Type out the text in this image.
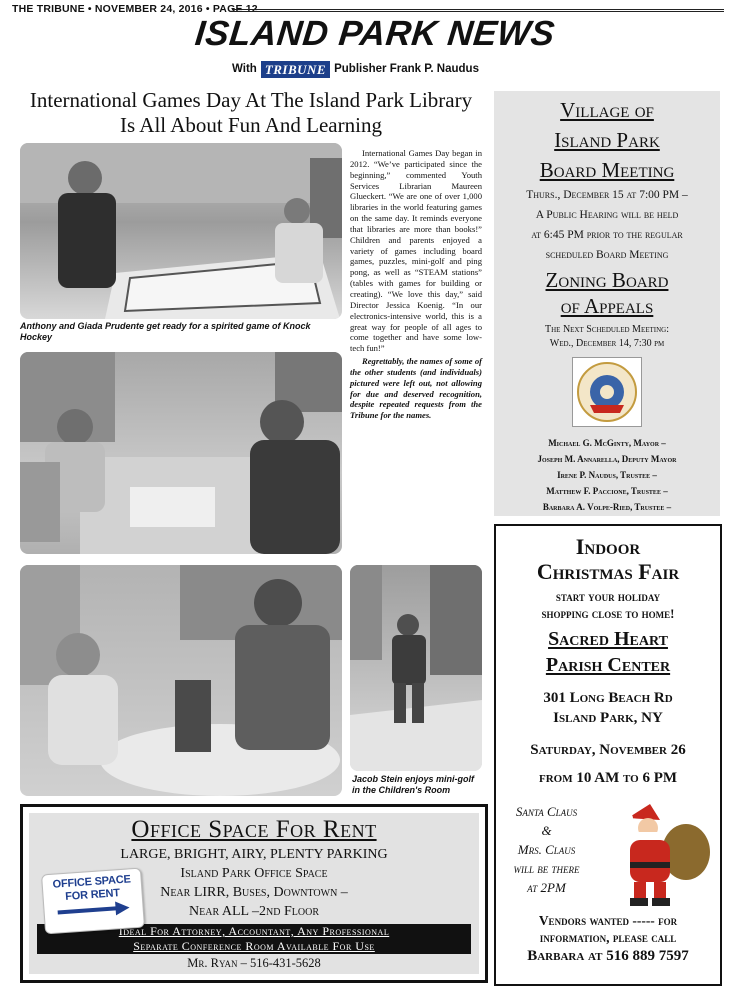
THE TRIBUNE • NOVEMBER 24, 2016 • PAGE 12
ISLAND PARK NEWS
With TRIBUNE Publisher Frank P. Naudus
International Games Day At The Island Park Library Is All About Fun And Learning
Anthony and Giada Prudente get ready for a spirited game of Knock Hockey
Jacob Stein enjoys mini-golf in the Children's Room

International Games Day began in 2012. “We’ve participated since the beginning,” commented Youth Services Librarian Maureen Glueckert. “We are one of over 1,000 libraries in the world featuring games on the same day. It reminds everyone that libraries are more than books!” Children and parents enjoyed a variety of games including board games, puzzles, mini-golf and ping pong, as well as “STEAM stations” (tables with games for building or creating). “We love this day,” said Director Jessica Koenig. “In our electronics-intensive world, this is a great way for people of all ages to come together and have some low-tech fun!”

Regrettably, the names of some of the other students (and individuals) pictured were left out, not allowing for due and deserved recognition, despite repeated requests from the Tribune for the names.

Village of
Island Park
Board Meeting
Thurs., December 15 at 7:00 PM –
A Public Hearing will be held
at 6:45 PM prior to the regular
scheduled Board Meeting
Zoning Board
of Appeals
The Next Scheduled Meeting:
Wed., December 14, 7:30 pm
Michael G. McGinty, Mayor –
Joseph M. Annarella, Deputy Mayor
Irene P. Naudus, Trustee –
Matthew F. Paccione, Trustee –
Barbara A. Volpe-Ried, Trustee –
Indoor
Christmas Fair
start your holiday
shopping close to home!
Sacred Heart
Parish Center
301 Long Beach Rd
Island Park, NY
Saturday, November 26
from 10 AM to 6 PM
Santa Claus
&
Mrs. Claus
will be there
at 2PM
Vendors wanted ----- for
information, please call
Barbara at 516 889 7597
Office Space For Rent
LARGE, BRIGHT, AIRY, PLENTY PARKING
Island Park Office Space
Near LIRR, Buses, Downtown –
Near ALL –2nd Floor
Ideal For Attorney, Accountant, Any Professional
Separate Conference Room Available For Use
Mr. Ryan – 516-431-5628
OFFICE SPACE
FOR RENT
